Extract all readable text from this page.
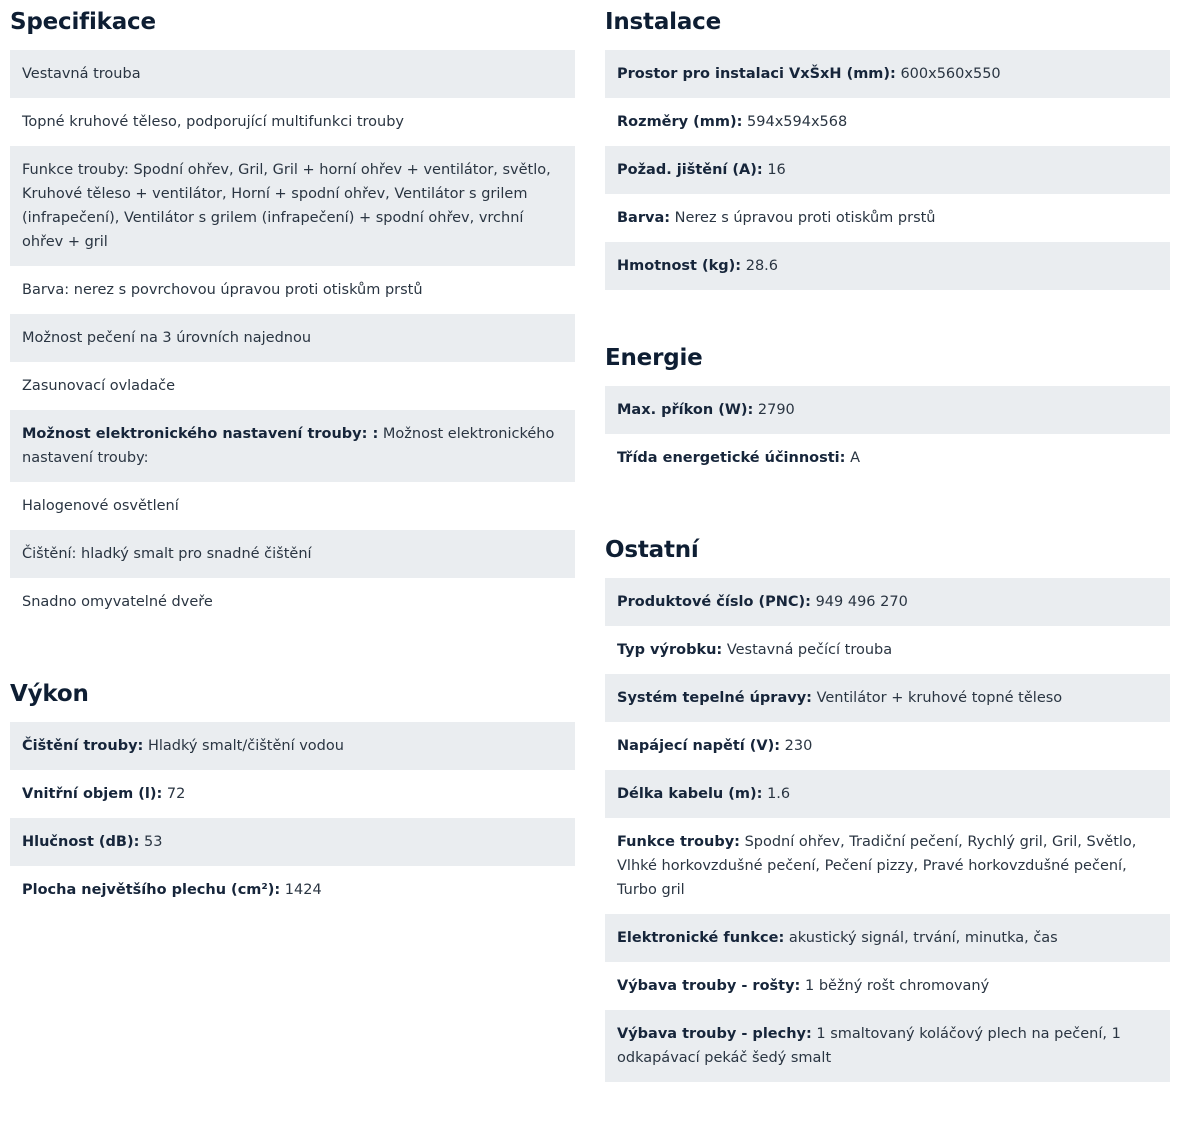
Specifikace
Vestavná trouba
Topné kruhové těleso, podporující multifunkci trouby
Funkce trouby: Spodní ohřev, Gril, Gril + horní ohřev + ventilátor, světlo, Kruhové těleso + ventilátor, Horní + spodní ohřev, Ventilátor s grilem (infrapečení), Ventilátor s grilem (infrapečení) + spodní ohřev, vrchní ohřev + gril
Barva: nerez s povrchovou úpravou proti otiskům prstů
Možnost pečení na 3 úrovních najednou
Zasunovací ovladače
Možnost elektronického nastavení trouby: : Možnost elektronického nastavení trouby:
Halogenové osvětlení
Čištění: hladký smalt pro snadné čištění
Snadno omyvatelné dveře
Výkon
Čištění trouby: Hladký smalt/čištění vodou
Vnitřní objem (l): 72
Hlučnost (dB): 53
Plocha největšího plechu (cm²): 1424
Instalace
Prostor pro instalaci VxŠxH (mm): 600x560x550
Rozměry (mm): 594x594x568
Požad. jištění (A): 16
Barva: Nerez s úpravou proti otiskům prstů
Hmotnost (kg): 28.6
Energie
Max. příkon (W): 2790
Třída energetické účinnosti: A
Ostatní
Produktové číslo (PNC): 949 496 270
Typ výrobku: Vestavná pečící trouba
Systém tepelné úpravy: Ventilátor + kruhové topné těleso
Napájecí napětí (V): 230
Délka kabelu (m): 1.6
Funkce trouby: Spodní ohřev, Tradiční pečení, Rychlý gril, Gril, Světlo, Vlhké horkovzdušné pečení, Pečení pizzy, Pravé horkovzdušné pečení, Turbo gril
Elektronické funkce: akustický signál, trvání, minutka, čas
Výbava trouby - rošty: 1 běžný rošt chromovaný
Výbava trouby - plechy: 1 smaltovaný koláčový plech na pečení, 1 odkapávací pekáč šedý smalt
